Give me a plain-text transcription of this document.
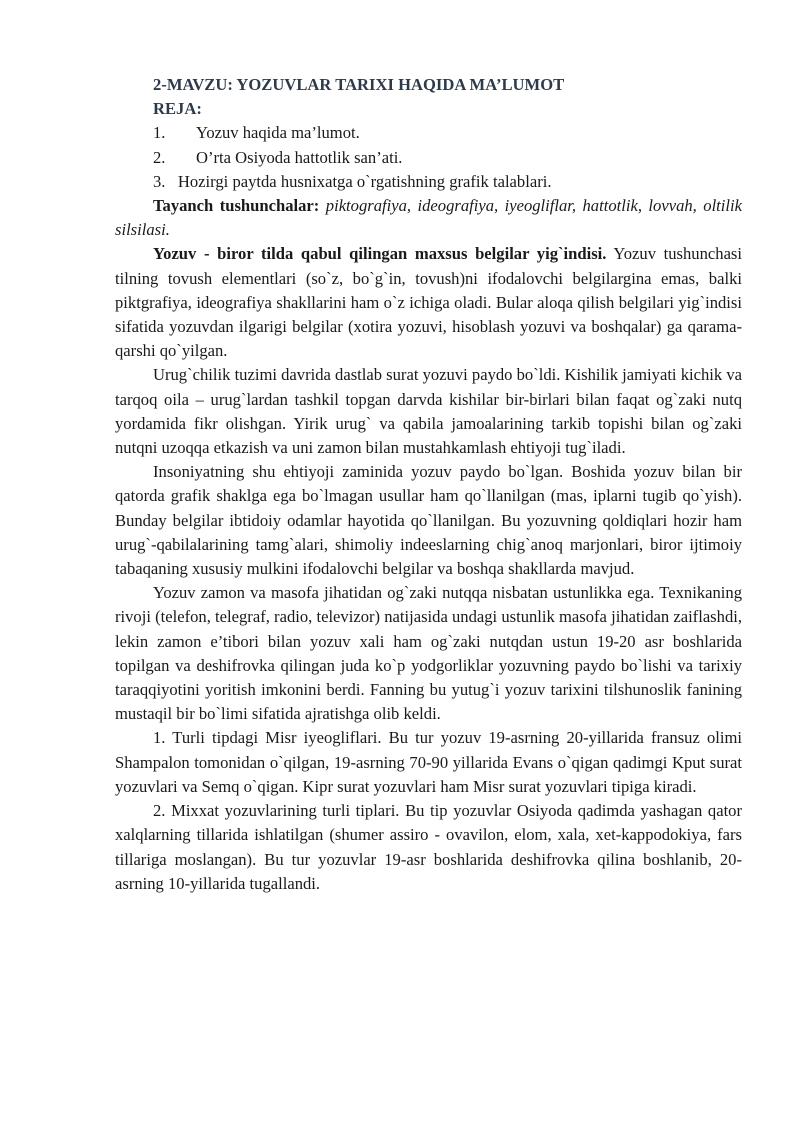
2-MAVZU: YOZUVLAR TARIXI HAQIDA MA’LUMOT
REJA:
1. Yozuv haqida ma’lumot.
2. O’rta Osiyoda hattotlik san’ati.
3. Hozirgi paytda husnixatga o`rgatishning grafik talablari.

Tayanch tushunchalar: piktografiya, ideografiya, iyeogliflar, hattotlik, lovvah, oltilik silsilasi.

Yozuv - biror tilda qabul qilingan maxsus belgilar yig`indisi. Yozuv tushunchasi tilning tovush elementlari (so`z, bo`g`in, tovush)ni ifodalovchi belgilargina emas, balki piktgrafiya, ideografiya shakllarini ham o`z ichiga oladi. Bular aloqa qilish belgilari yig`indisi sifatida yozuvdan ilgarigi belgilar (xotira yozuvi, hisoblash yozuvi va boshqalar) ga qarama-qarshi qo`yilgan.

Urug`chilik tuzimi davrida dastlab surat yozuvi paydo bo`ldi. Kishilik jamiyati kichik va tarqoq oila – urug`lardan tashkil topgan darvda kishilar bir-birlari bilan faqat og`zaki nutq yordamida fikr olishgan. Yirik urug` va qabila jamoalarining tarkib topishi bilan og`zaki nutqni uzoqqa etkazish va uni zamon bilan mustahkamlash ehtiyoji tug`iladi.

Insoniyatning shu ehtiyoji zaminida yozuv paydo bo`lgan. Boshida yozuv bilan bir qatorda grafik shaklga ega bo`lmagan usullar ham qo`llanilgan (mas, iplarni tugib qo`yish). Bunday belgilar ibtidoiy odamlar hayotida qo`llanilgan. Bu yozuvning qoldiqlari hozir ham urug`-qabilalarining tamg`alari, shimoliy indeeslarning chig`anoq marjonlari, biror ijtimoiy tabaqaning xususiy mulkini ifodalovchi belgilar va boshqa shakllarda mavjud.

Yozuv zamon va masofa jihatidan og`zaki nutqqa nisbatan ustunlikka ega. Texnikaning rivoji (telefon, telegraf, radio, televizor) natijasida undagi ustunlik masofa jihatidan zaiflashdi, lekin zamon e’tibori bilan yozuv xali ham og`zaki nutqdan ustun 19-20 asr boshlarida topilgan va deshifrovka qilingan juda ko`p yodgorliklar yozuvning paydo bo`lishi va tarixiy taraqqiyotini yoritish imkonini berdi. Fanning bu yutug`i yozuv tarixini tilshunoslik fanining mustaqil bir bo`limi sifatida ajratishga olib keldi.

1. Turli tipdagi Misr iyeogliflari. Bu tur yozuv 19-asrning 20-yillarida fransuz olimi Shampalon tomonidan o`qilgan, 19-asrning 70-90 yillarida Evans o`qigan qadimgi Kput surat yozuvlari va Semq o`qigan. Kipr surat yozuvlari ham Misr surat yozuvlari tipiga kiradi.

2. Mixxat yozuvlarining turli tiplari. Bu tip yozuvlar Osiyoda qadimda yashagan qator xalqlarning tillarida ishlatilgan (shumer assiro - ovavilon, elom, xala, xet-kappodokiya, fars tillariga moslangan). Bu tur yozuvlar 19-asr boshlarida deshifrovka qilina boshlanib, 20-asrning 10-yillarida tugallandi.
